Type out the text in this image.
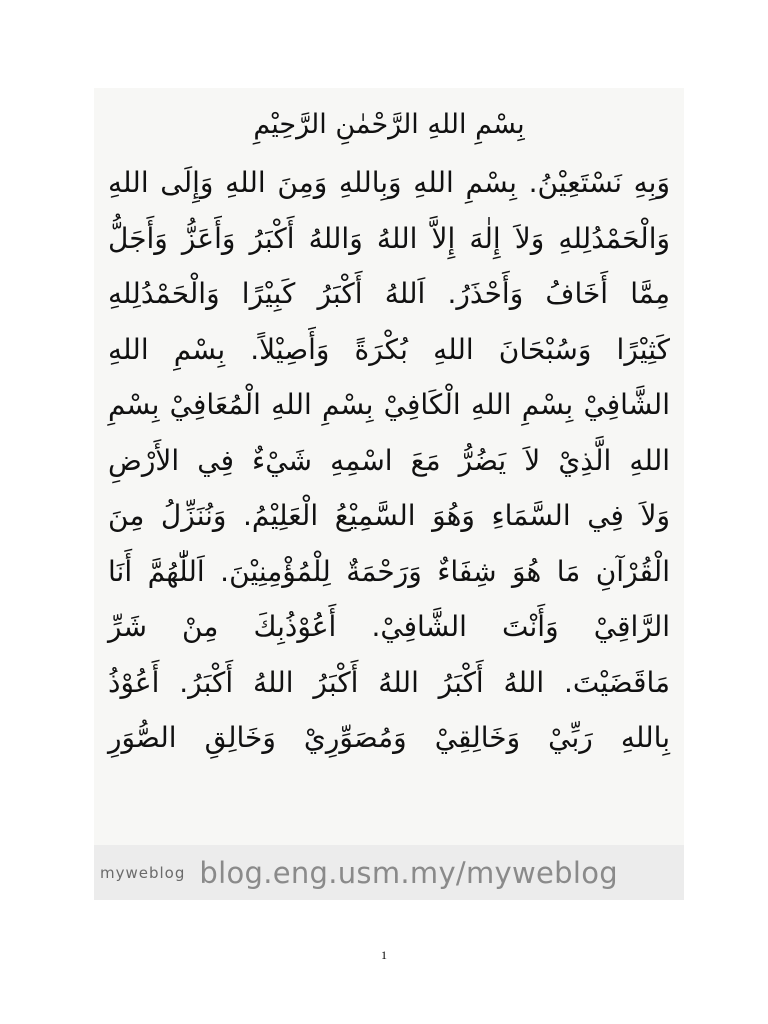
بِسْمِ اللهِ الرَّحْمٰنِ الرَّحِيْمِ
وَبِهِ نَسْتَعِيْنُ. بِسْمِ اللهِ وَبِاللهِ وَمِنَ اللهِ وَإِلَى اللهِ
وَالْحَمْدُلِلهِ وَلاَ إِلٰهَ إِلاَّ اللهُ وَاللهُ أَكْبَرُ وَأَعَزُّ وَأَجَلُّ
مِمَّا أَخَافُ وَأَحْذَرُ. اَللهُ أَكْبَرُ كَبِيْرًا وَالْحَمْدُلِلهِ
كَثِيْرًا وَسُبْحَانَ اللهِ بُكْرَةً وَأَصِيْلاً. بِسْمِ اللهِ
الشَّافِيْ بِسْمِ اللهِ الْكَافِيْ بِسْمِ اللهِ الْمُعَافِيْ بِسْمِ
اللهِ الَّذِيْ لاَ يَضُرُّ مَعَ اسْمِهِ شَيْءٌ فِي الأَرْضِ
وَلاَ فِي السَّمَاءِ وَهُوَ السَّمِيْعُ الْعَلِيْمُ. وَنُنَزِّلُ مِنَ
الْقُرْآنِ مَا هُوَ شِفَاءٌ وَرَحْمَةٌ لِلْمُؤْمِنِيْنَ. اَللّٰهُمَّ أَنَا
الرَّاقِيْ وَأَنْتَ الشَّافِيْ. أَعُوْذُبِكَ مِنْ شَرِّ
مَاقَضَيْتَ. اللهُ أَكْبَرُ اللهُ أَكْبَرُ اللهُ أَكْبَرُ. أَعُوْذُ
بِاللهِ رَبِّيْ وَخَالِقِيْ وَمُصَوِّرِيْ وَخَالِقِ الصُّوَرِ
myweblog blog.eng.usm.my/myweblog
1
